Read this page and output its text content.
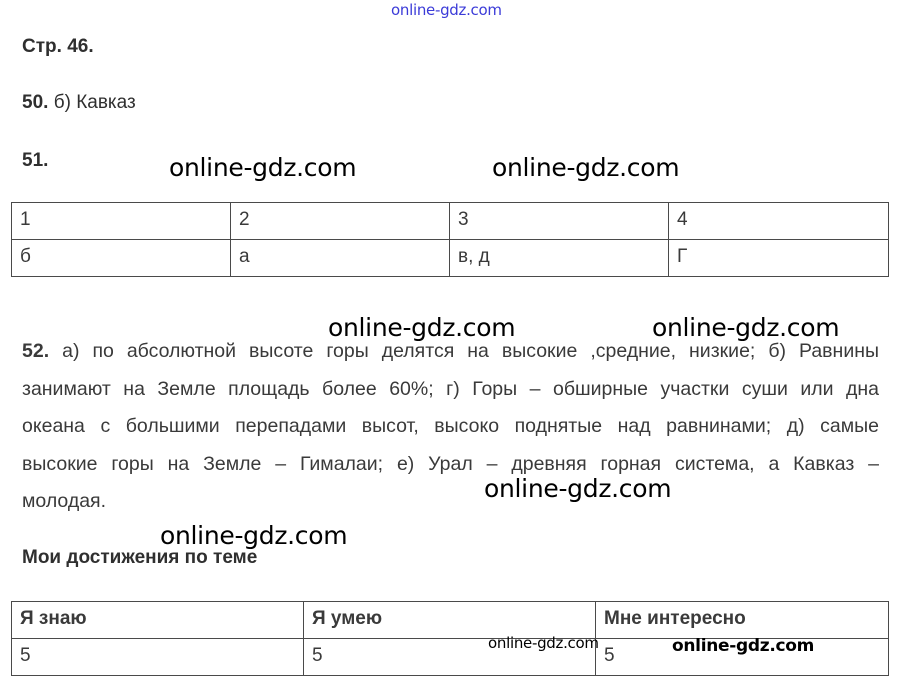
online-gdz.com
Стр. 46.
50. б) Кавказ
51.
1	2	3	4
б	а	в, д	Г
52. а) по абсолютной высоте горы делятся на высокие ,средние, низкие; б) Равнины занимают на Земле площадь более 60%; г) Горы – обширные участки суши или дна океана с большими перепадами высот, высоко поднятые над равнинами; д) самые высокие горы на Земле – Гималаи; е) Урал – древняя горная система, а Кавказ – молодая.
Мои достижения по теме
Я знаю	Я умею	Мне интересно
5	5	5
online-gdz.com	online-gdz.com
online-gdz.com	online-gdz.com
online-gdz.com
online-gdz.com
online-gdz.com	online-gdz.com
